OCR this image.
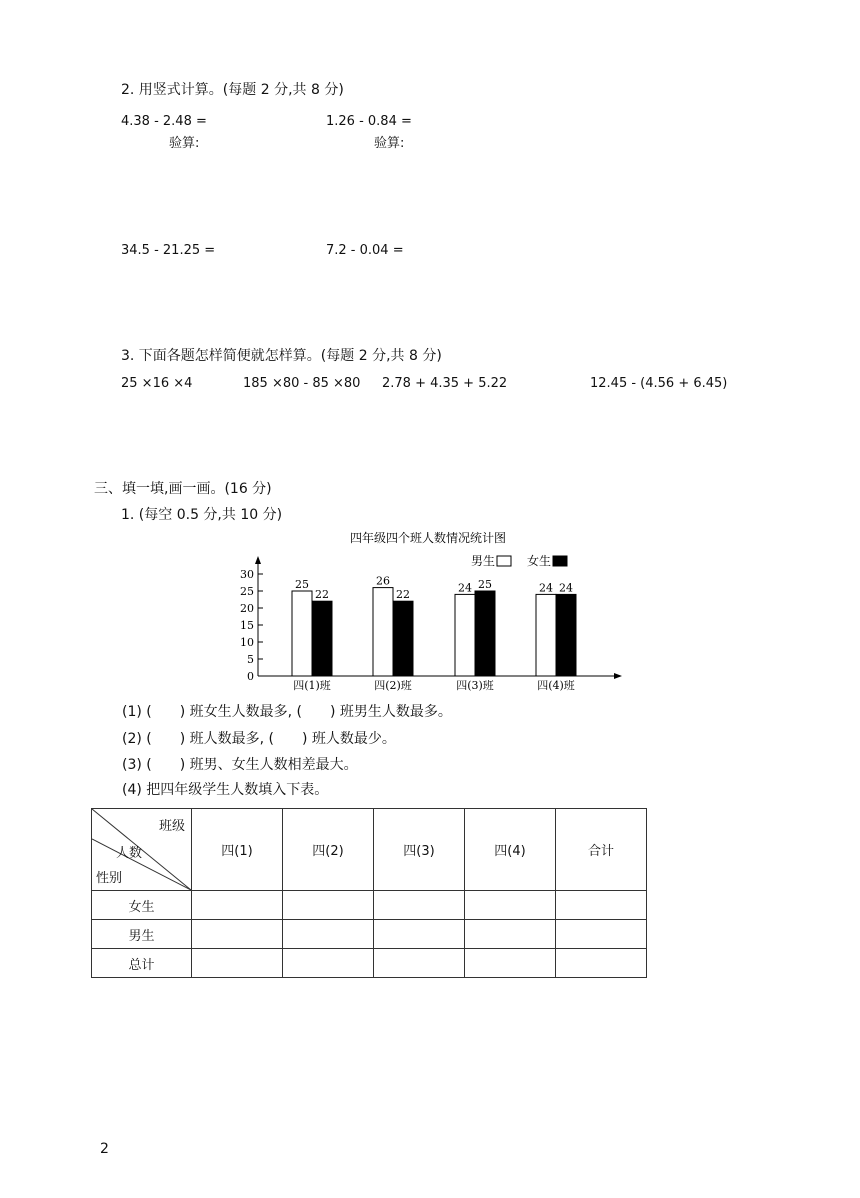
2. 用竖式计算。(每题 2 分,共 8 分)
4.38 - 2.48 =	1.26 - 0.84 =
验算:	验算:
34.5 - 21.25 =	7.2 - 0.04 =
3. 下面各题怎样简便就怎样算。(每题 2 分,共 8 分)
25 ×16 ×4	185 ×80 - 85 ×80 2.78 + 4.35 + 5.22	12.45 - (4.56 + 6.45)
三、填一填,画一画。(16 分)
1. (每空 0.5 分,共 10 分)
四年级四个班人数情况统计图
男生	女生
0
5
10
15
20
25
30
四(1)班	四(2)班	四(3)班	四(4)班
25
22
26
22
24 25	24 24
(1) (　　) 班女生人数最多, (　　) 班男生人数最多。
(2) (　　) 班人数最多, (　　) 班人数最少。
(3) (　　) 班男、女生人数相差最大。
(4) 把四年级学生人数填入下表。
班级
人数
性别	四(1)	四(2)	四(3)	四(4)	合计
女生					
男生					
总计					
2
